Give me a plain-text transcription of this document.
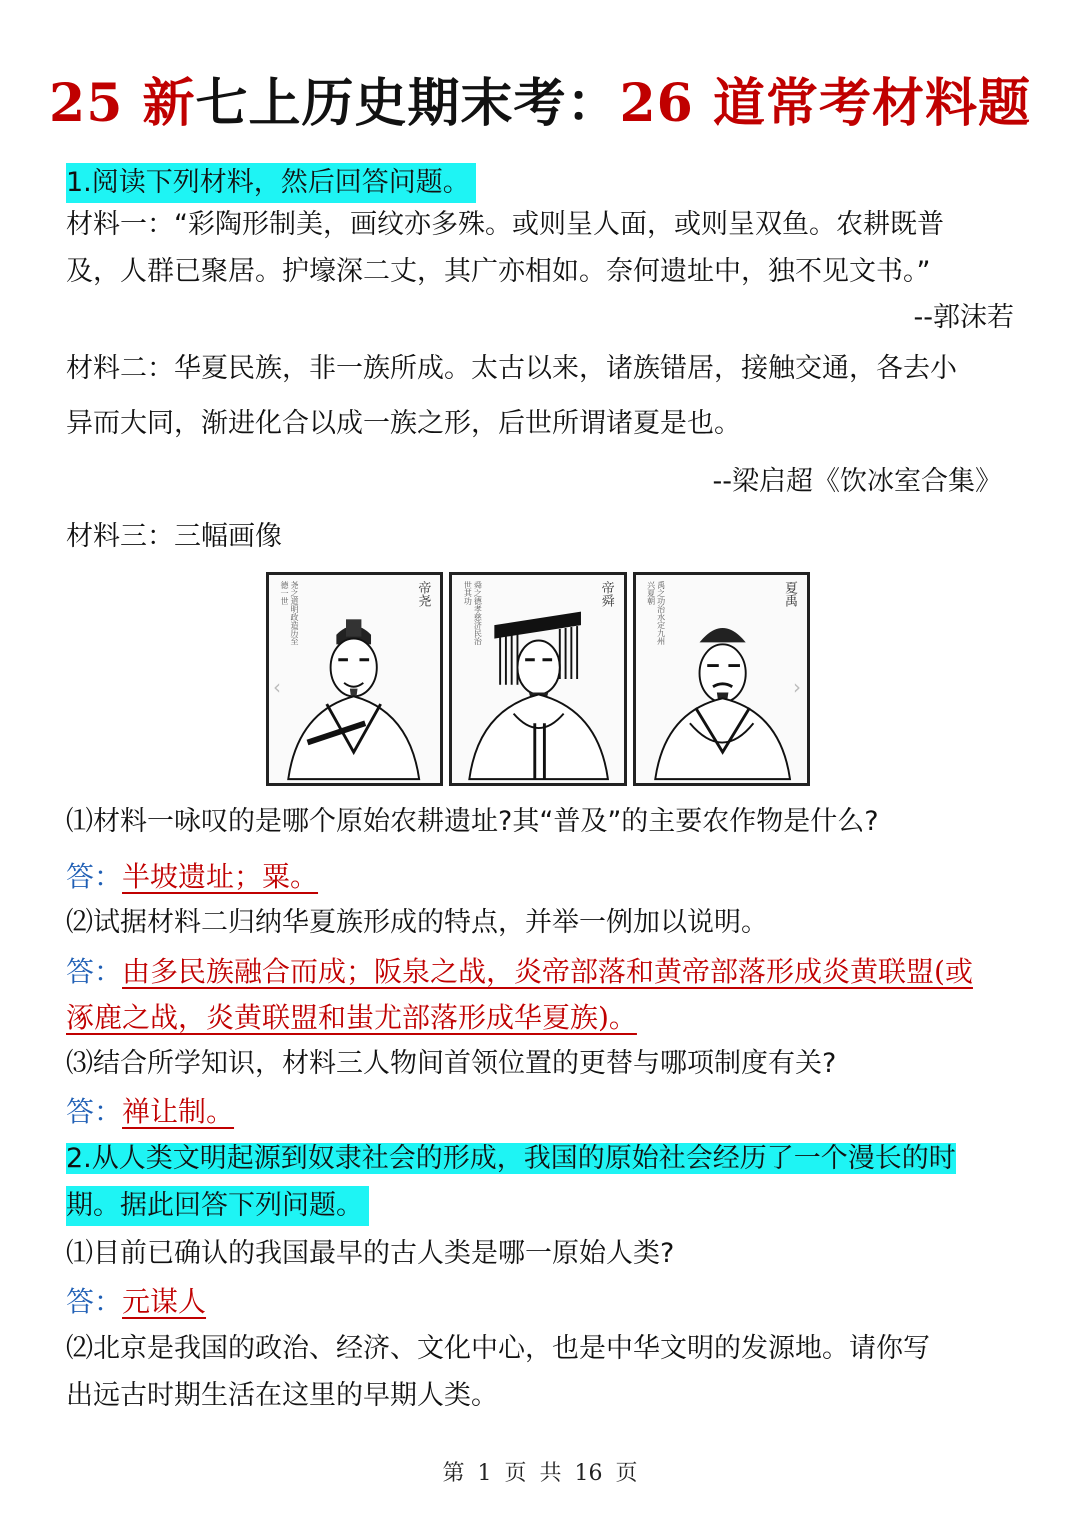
25 新七上历史期末考：26 道常考材料题
1.阅读下列材料，然后回答问题。
材料一：“彩陶形制美，画纹亦多殊。或则呈人面，或则呈双鱼。农耕既普
及，人群已聚居。护壕深二丈，其广亦相如。奈何遗址中，独不见文书。”
--郭沫若
材料二：华夏民族，非一族所成。太古以来，诸族错居，接触交通，各去小
异而大同，渐进化合以成一族之形，后世所谓诸夏是也。
--梁启超《饮冰室合集》
材料三：三幅画像
尧之道明政造历至德一世	帝尧
‹
舜之德孝慈济民治世其功	帝舜	禹之功治水定九州兴夏朝	夏禹
›
⑴材料一咏叹的是哪个原始农耕遗址?其“普及”的主要农作物是什么?
答：半坡遗址；粟。
⑵试据材料二归纳华夏族形成的特点，并举一例加以说明。
答：由多民族融合而成；阪泉之战，炎帝部落和黄帝部落形成炎黄联盟(或
涿鹿之战，炎黄联盟和蚩尤部落形成华夏族)。
⑶结合所学知识，材料三人物间首领位置的更替与哪项制度有关?
答：禅让制。
2.从人类文明起源到奴隶社会的形成，我国的原始社会经历了一个漫长的时
期。据此回答下列问题。
⑴目前已确认的我国最早的古人类是哪一原始人类?
答：元谋人
⑵北京是我国的政治、经济、文化中心，也是中华文明的发源地。请你写
出远古时期生活在这里的早期人类。
第 1 页 共 16 页
